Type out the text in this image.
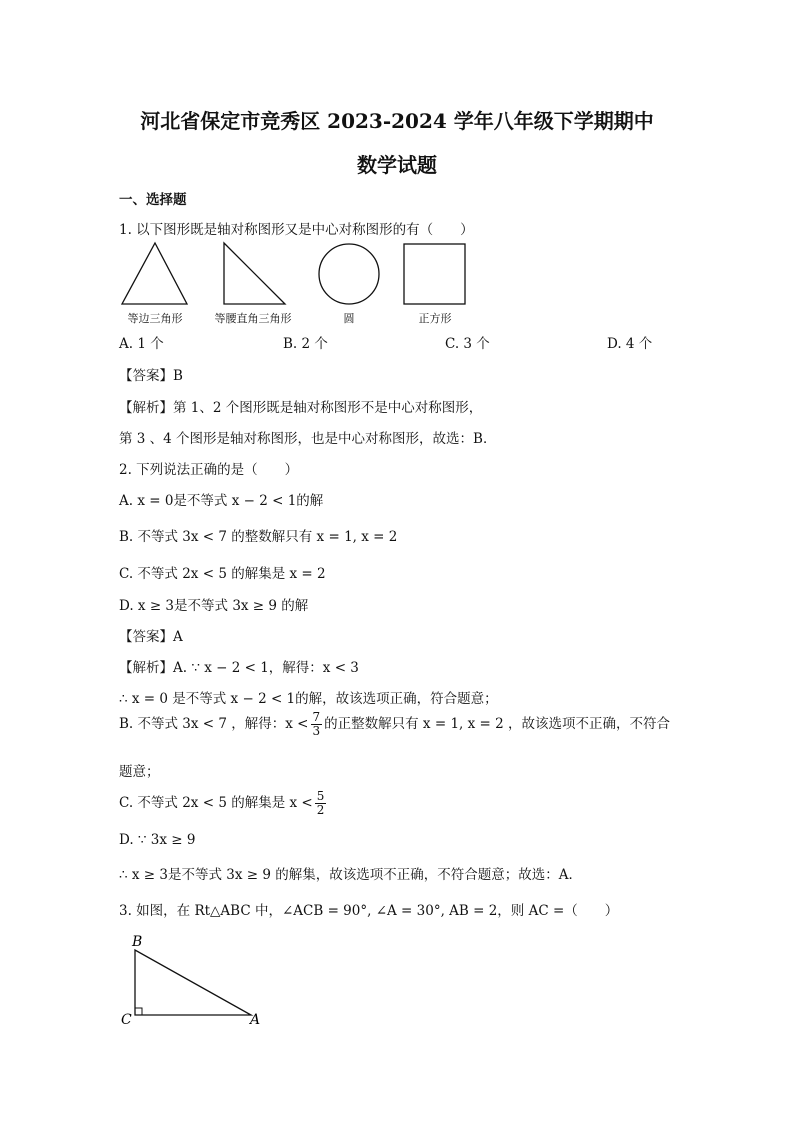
河北省保定市竞秀区 2023-2024 学年八年级下学期期中
数学试题
一、选择题
1. 以下图形既是轴对称图形又是中心对称图形的有（　　）
等边三角形	等腰直角三角形	圆	正方形
A. 1 个	B. 2 个	C. 3 个	D. 4 个
【答案】B
【解析】第 1、2 个图形既是轴对称图形不是中心对称图形，
第 3 、4 个图形是轴对称图形，也是中心对称图形，故选：B．
2. 下列说法正确的是（　　）
A. x = 0是不等式 x − 2 < 1的解
B. 不等式 3x < 7 的整数解只有 x = 1, x = 2
C. 不等式 2x < 5 的解集是 x = 2
D. x ≥ 3是不等式 3x ≥ 9 的解
【答案】A
【解析】A. ∵ x − 2 < 1，解得：x < 3
∴ x = 0 是不等式 x − 2 < 1的解，故该选项正确，符合题意；
B. 不等式 3x < 7 ，解得：$x < \frac{7}{3}$ 的正整数解只有 x = 1, x = 2 ，故该选项不正确，不符合
题意；
C. 不等式 2x < 5 的解集是 $x < \frac{5}{2}$
D. ∵ 3x ≥ 9
∴ x ≥ 3是不等式 3x ≥ 9 的解集，故该选项不正确，不符合题意；故选：A．
3. 如图，在 Rt△ABC 中，∠ACB = 90°, ∠A = 30°, AB = 2，则 AC =（　　）
B
C	A
